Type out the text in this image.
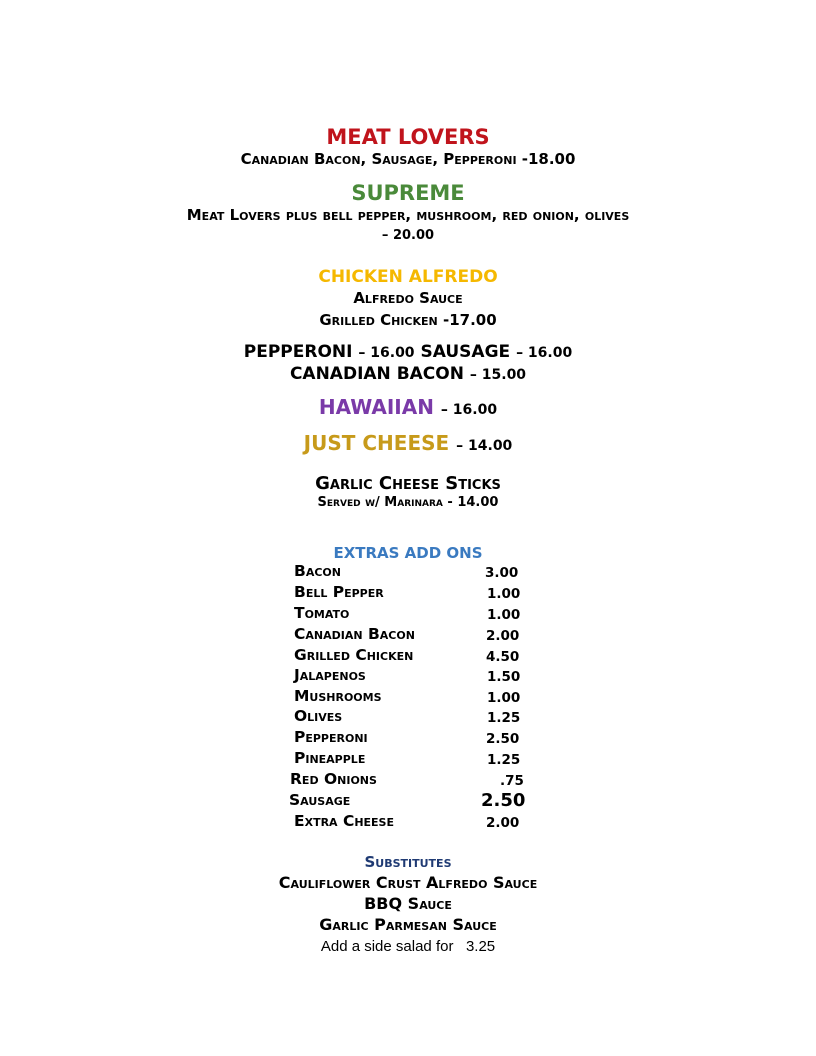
MEAT LOVERS
Canadian Bacon, Sausage, Pepperoni -18.00
SUPREME
Meat Lovers plus bell pepper, mushroom, red onion, olives
– 20.00
CHICKEN ALFREDO
Alfredo Sauce
Grilled Chicken -17.00
PEPPERONI – 16.00 SAUSAGE – 16.00
CANADIAN BACON – 15.00
HAWAIIAN – 16.00
JUST CHEESE – 14.00
Garlic Cheese Sticks
Served w/ Marinara - 14.00
EXTRAS ADD ONS
Bacon	3.00
Bell Pepper	1.00
Tomato	1.00
Canadian Bacon	2.00
Grilled Chicken	4.50
Jalapenos	1.50
Mushrooms	1.00
Olives	1.25
Pepperoni	2.50
Pineapple	1.25
Red Onions	.75
Sausage	2.50
Extra Cheese	2.00
Substitutes
Cauliflower Crust Alfredo Sauce
BBQ Sauce
Garlic Parmesan Sauce
Add a side salad for   3.25
